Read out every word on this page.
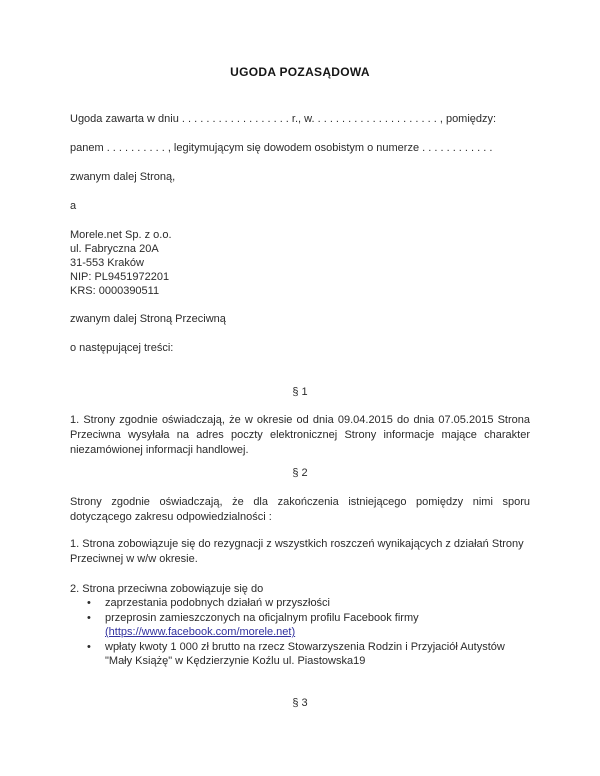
UGODA POZASĄDOWA

Ugoda zawarta w dniu . . . . . . . . . . . . . . . . . . r., w. . . . . . . . . . . . . . . . . . . . . , pomiędzy:

panem . . . . . . . . . . , legitymującym się dowodem osobistym o numerze . . . . . . . . . . . .

zwanym dalej Stroną,

a

Morele.net Sp. z o.o.
ul. Fabryczna 20A
31-553 Kraków
NIP: PL9451972201
KRS: 0000390511

zwanym dalej Stroną Przeciwną

o następującej treści:

§ 1

1. Strony zgodnie oświadczają, że w okresie od dnia 09.04.2015 do dnia 07.05.2015 Strona Przeciwna wysyłała na adres poczty elektronicznej Strony informacje mające charakter niezamówionej informacji handlowej.

§ 2

Strony zgodnie oświadczają, że dla zakończenia istniejącego pomiędzy nimi sporu dotyczącego zakresu odpowiedzialności :

1. Strona zobowiązuje się do rezygnacji z wszystkich roszczeń wynikających z działań Strony Przeciwnej w w/w okresie.

2. Strona przeciwna zobowiązuje się do

• zaprzestania podobnych działań w przyszłości
• przeprosin zamieszczonych na oficjalnym profilu Facebook firmy (https://www.facebook.com/morele.net)
• wpłaty kwoty 1 000 zł brutto na rzecz Stowarzyszenia Rodzin i Przyjaciół Autystów "Mały Książę" w Kędzierzynie Koźlu ul. Piastowska19
§ 3
